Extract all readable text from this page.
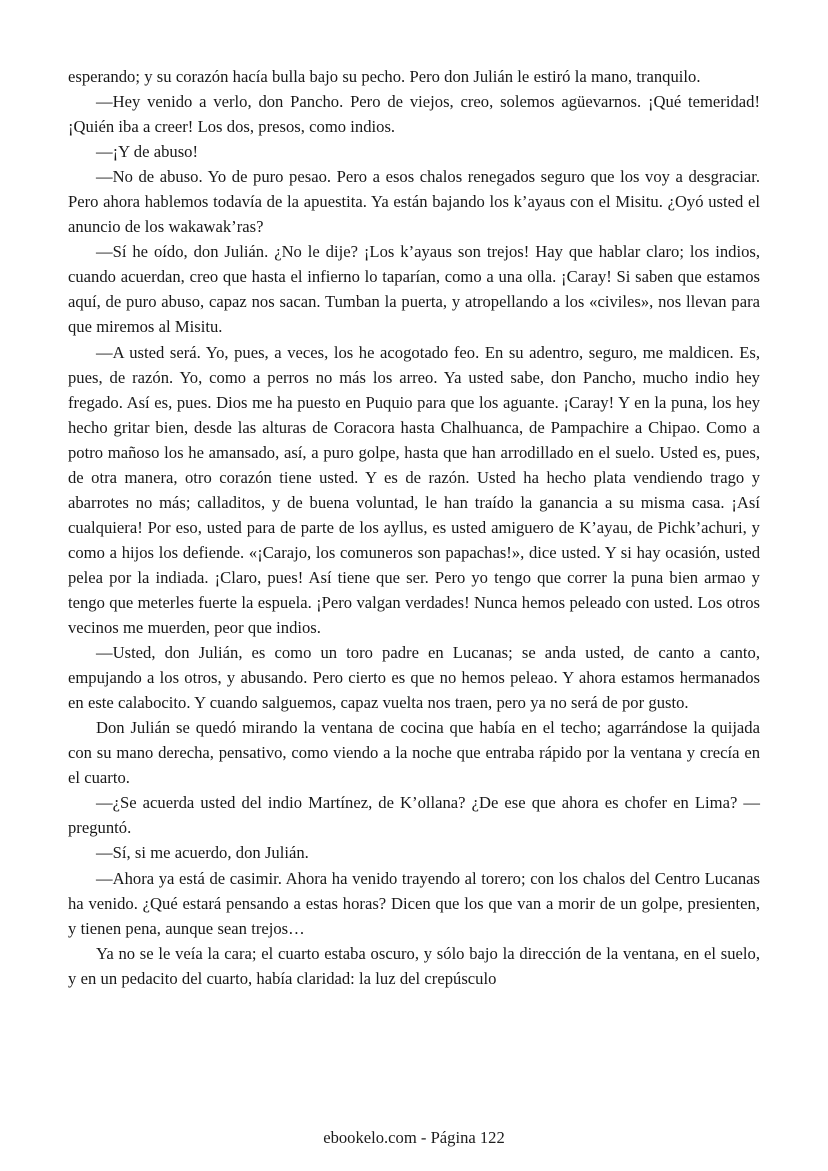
esperando; y su corazón hacía bulla bajo su pecho. Pero don Julián le estiró la mano, tranquilo.

—Hey venido a verlo, don Pancho. Pero de viejos, creo, solemos agüevarnos. ¡Qué temeridad! ¡Quién iba a creer! Los dos, presos, como indios.

—¡Y de abuso!

—No de abuso. Yo de puro pesao. Pero a esos chalos renegados seguro que los voy a desgraciar. Pero ahora hablemos todavía de la apuestita. Ya están bajando los k’ayaus con el Misitu. ¿Oyó usted el anuncio de los wakawak’ras?

—Sí he oído, don Julián. ¿No le dije? ¡Los k’ayaus son trejos! Hay que hablar claro; los indios, cuando acuerdan, creo que hasta el infierno lo taparían, como a una olla. ¡Caray! Si saben que estamos aquí, de puro abuso, capaz nos sacan. Tumban la puerta, y atropellando a los «civiles», nos llevan para que miremos al Misitu.

—A usted será. Yo, pues, a veces, los he acogotado feo. En su adentro, seguro, me maldicen. Es, pues, de razón. Yo, como a perros no más los arreo. Ya usted sabe, don Pancho, mucho indio hey fregado. Así es, pues. Dios me ha puesto en Puquio para que los aguante. ¡Caray! Y en la puna, los hey hecho gritar bien, desde las alturas de Coracora hasta Chalhuanca, de Pampachire a Chipao. Como a potro mañoso los he amansado, así, a puro golpe, hasta que han arrodillado en el suelo. Usted es, pues, de otra manera, otro corazón tiene usted. Y es de razón. Usted ha hecho plata vendiendo trago y abarrotes no más; calladitos, y de buena voluntad, le han traído la ganancia a su misma casa. ¡Así cualquiera! Por eso, usted para de parte de los ayllus, es usted amiguero de K’ayau, de Pichk’achuri, y como a hijos los defiende. «¡Carajo, los comuneros son papachas!», dice usted. Y si hay ocasión, usted pelea por la indiada. ¡Claro, pues! Así tiene que ser. Pero yo tengo que correr la puna bien armao y tengo que meterles fuerte la espuela. ¡Pero valgan verdades! Nunca hemos peleado con usted. Los otros vecinos me muerden, peor que indios.

—Usted, don Julián, es como un toro padre en Lucanas; se anda usted, de canto a canto, empujando a los otros, y abusando. Pero cierto es que no hemos peleao. Y ahora estamos hermanados en este calabocito. Y cuando salguemos, capaz vuelta nos traen, pero ya no será de por gusto.

Don Julián se quedó mirando la ventana de cocina que había en el techo; agarrándose la quijada con su mano derecha, pensativo, como viendo a la noche que entraba rápido por la ventana y crecía en el cuarto.

—¿Se acuerda usted del indio Martínez, de K’ollana? ¿De ese que ahora es chofer en Lima? —preguntó.

—Sí, si me acuerdo, don Julián.

—Ahora ya está de casimir. Ahora ha venido trayendo al torero; con los chalos del Centro Lucanas ha venido. ¿Qué estará pensando a estas horas? Dicen que los que van a morir de un golpe, presienten, y tienen pena, aunque sean trejos…

Ya no se le veía la cara; el cuarto estaba oscuro, y sólo bajo la dirección de la ventana, en el suelo, y en un pedacito del cuarto, había claridad: la luz del crepúsculo

ebookelo.com - Página 122
